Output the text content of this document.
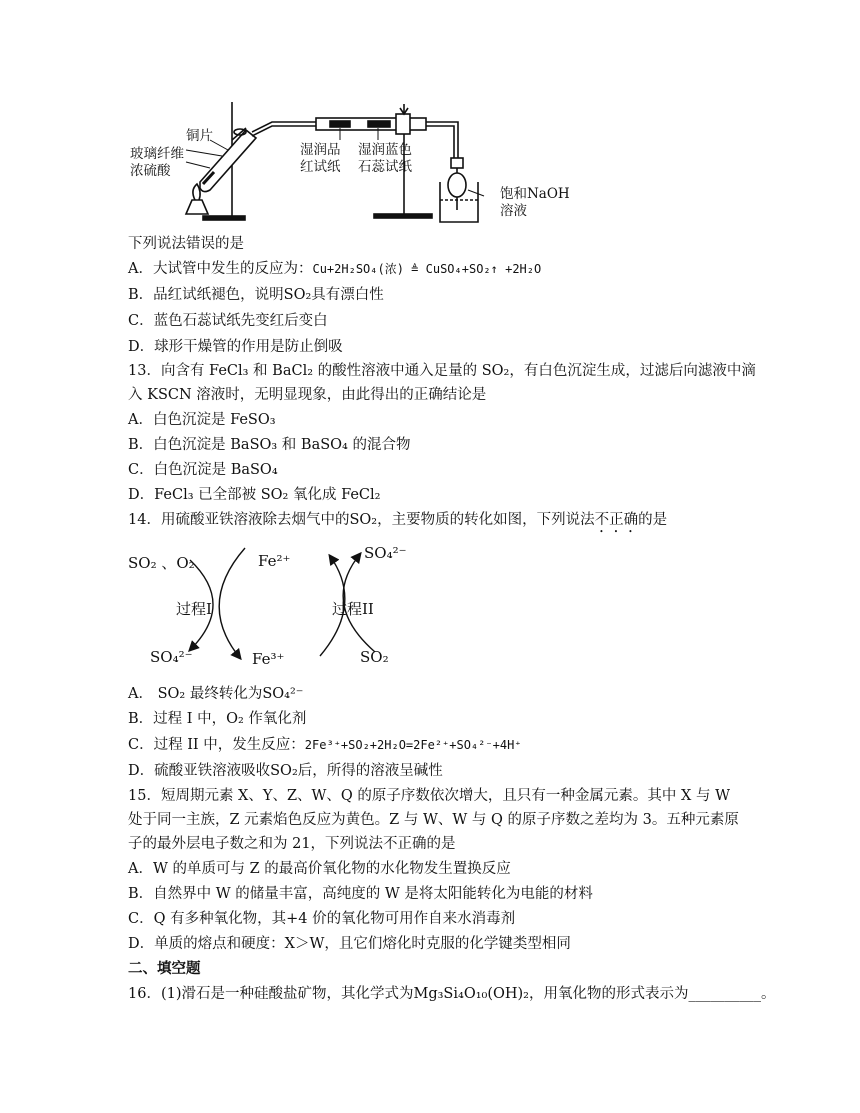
铜片
玻璃纤维
浓硫酸
湿润品
红试纸
湿润蓝色
石蕊试纸
饱和NaOH
溶液
下列说法错误的是
A．大试管中发生的反应为：Cu+2H₂SO₄(浓) ≜ CuSO₄+SO₂↑ +2H₂O
B．品红试纸褪色，说明SO₂具有漂白性
C．蓝色石蕊试纸先变红后变白
D．球形干燥管的作用是防止倒吸
13．向含有 FeCl₃ 和 BaCl₂ 的酸性溶液中通入足量的 SO₂，有白色沉淀生成，过滤后向滤液中滴
入 KSCN 溶液时，无明显现象，由此得出的正确结论是
A．白色沉淀是 FeSO₃
B．白色沉淀是 BaSO₃ 和 BaSO₄ 的混合物
C．白色沉淀是 BaSO₄
D．FeCl₃ 已全部被 SO₂ 氧化成 FeCl₂
14．用硫酸亚铁溶液除去烟气中的SO₂，主要物质的转化如图，下列说法不正确的是
SO₂ 、O₂
SO₄²⁻
Fe²⁺
Fe³⁺
SO₄²⁻
SO₂
过程I	过程II
A． SO₂ 最终转化为SO₄²⁻
B．过程 I 中，O₂ 作氧化剂
C．过程 II 中，发生反应：2Fe³⁺+SO₂+2H₂O=2Fe²⁺+SO₄²⁻+4H⁺
D．硫酸亚铁溶液吸收SO₂后，所得的溶液呈碱性
15．短周期元素 X、Y、Z、W、Q 的原子序数依次增大，且只有一种金属元素。其中 X 与 W
处于同一主族，Z 元素焰色反应为黄色。Z 与 W、W 与 Q 的原子序数之差均为 3。五种元素原
子的最外层电子数之和为 21，下列说法不正确的是
A．W 的单质可与 Z 的最高价氧化物的水化物发生置换反应
B．自然界中 W 的储量丰富，高纯度的 W 是将太阳能转化为电能的材料
C．Q 有多种氧化物，其+4 价的氧化物可用作自来水消毒剂
D．单质的熔点和硬度：X＞W，且它们熔化时克服的化学键类型相同
二、填空题
16．(1)滑石是一种硅酸盐矿物，其化学式为Mg₃Si₄O₁₀(OH)₂，用氧化物的形式表示为__________。
